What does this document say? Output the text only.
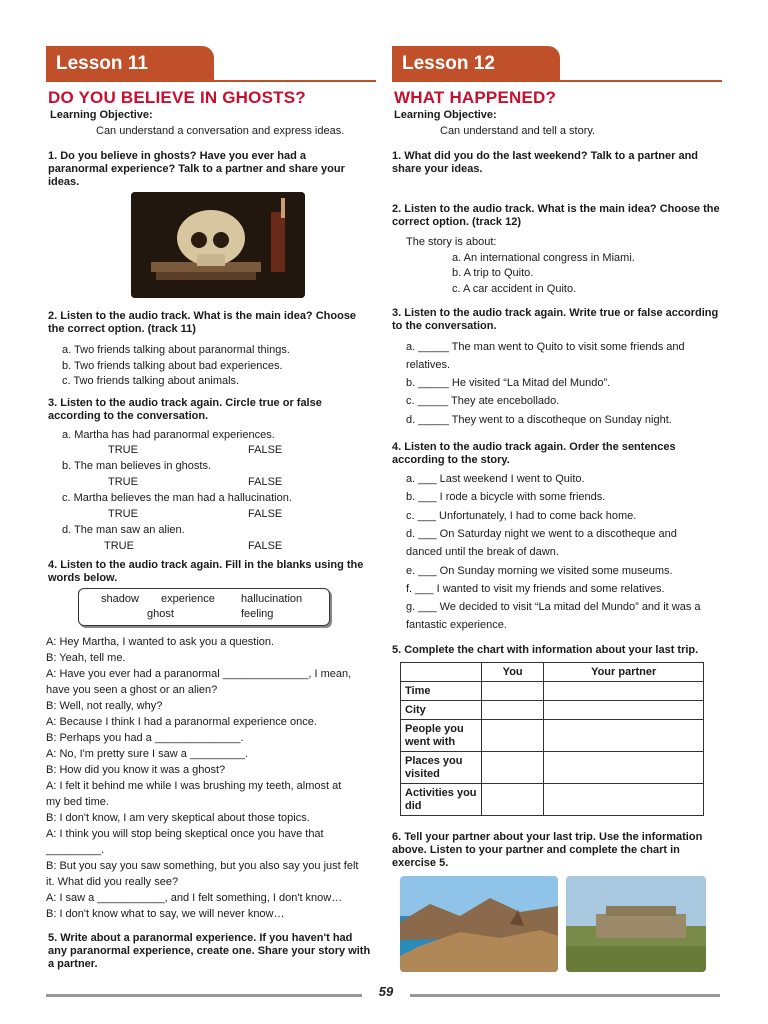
Lesson 11
DO YOU BELIEVE IN GHOSTS?
Learning Objective:
Can understand a conversation and express ideas.
1. Do you believe in ghosts? Have you ever had a paranormal experience? Talk to a partner and share your ideas.
2. Listen to the audio track. What is the main idea? Choose the correct option. (track 11)
a. Two friends talking about paranormal things.
b. Two friends talking about bad experiences.
c. Two friends talking about animals.
3. Listen to the audio track again. Circle true or false according to the conversation.
a. Martha has had paranormal experiences.
TRUE	FALSE
b. The man believes in ghosts.
TRUE	FALSE
c. Martha believes the man had a hallucination.
TRUE	FALSE
d. The man saw an alien.
TRUE	FALSE
4. Listen to the audio track again. Fill in the blanks using the words below.
shadow experience hallucination
ghost	feeling
A: Hey Martha, I wanted to ask you a question.
B: Yeah, tell me.
A: Have you ever had a paranormal ______________, I mean,
have you seen a ghost or an alien?
B: Well, not really, why?
A: Because I think I had a paranormal experience once.
B: Perhaps you had a ______________.
A: No, I'm pretty sure I saw a _________.
B: How did you know it was a ghost?
A: I felt it behind me while I was brushing my teeth, almost at
my bed time.
B: I don't know, I am very skeptical about those topics.
A: I think you will stop being skeptical once you have that
_________.
B: But you say you saw something, but you also say you just felt
it. What did you really see?
A: I saw a ___________, and I felt something, I don't know…
B: I don't know what to say, we will never know…
5. Write about a paranormal experience. If you haven't had any paranormal experience, create one. Share your story with a partner.
Lesson 12
WHAT HAPPENED?
Learning Objective:
Can understand and tell a story.
1. What did you do the last weekend? Talk to a partner and share your ideas.
2. Listen to the audio track. What is the main idea? Choose the correct option. (track 12)
The story is about:
a. An international congress in Miami.
b. A trip to Quito.
c. A car accident in Quito.
3. Listen to the audio track again. Write true or false according to the conversation.
a. _____ The man went to Quito to visit some friends and
relatives.
b. _____ He visited “La Mitad del Mundo”.
c. _____ They ate encebollado.
d. _____ They went to a discotheque on Sunday night.
4. Listen to the audio track again. Order the sentences according to the story.
a. ___ Last weekend I went to Quito.
b. ___ I rode a bicycle with some friends.
c. ___ Unfortunately, I had to come back home.
d. ___ On Saturday night we went to a discotheque and
danced until the break of dawn.
e. ___ On Sunday morning we visited some museums.
f. ___ I wanted to visit my friends and some relatives.
g. ___ We decided to visit “La mitad del Mundo” and it was a
fantastic experience.
5. Complete the chart with information about your last trip.
	You	Your partner
Time		
City		
People you went with		
Places you visited		
Activities you did		
6. Tell your partner about your last trip. Use the information above. Listen to your partner and complete the chart in exercise 5.
59
